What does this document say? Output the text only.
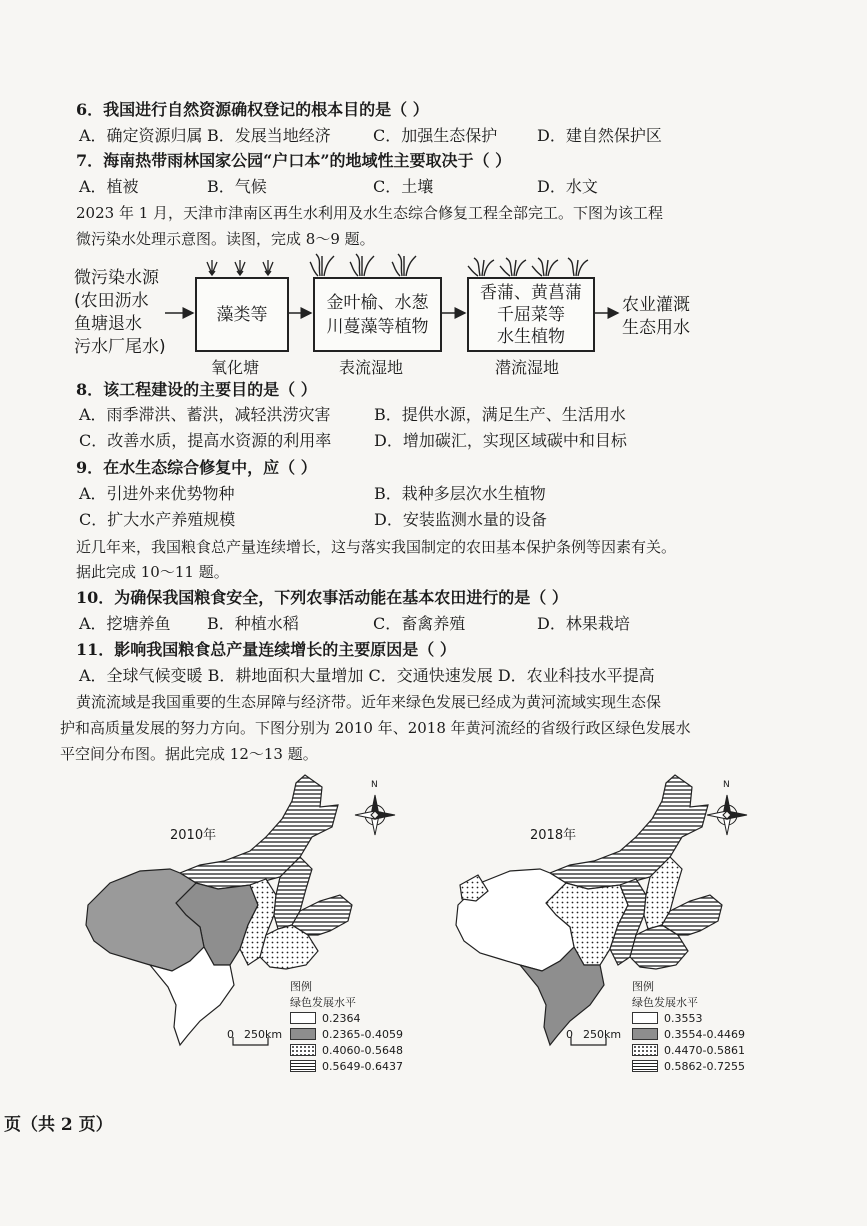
6．我国进行自然资源确权登记的根本目的是（ ）
A．确定资源归属 B．发展当地经济	C．加强生态保护 D．建自然保护区
7．海南热带雨林国家公园“户口本”的地域性主要取决于（ ）
A．植被	B．气候	C．土壤	D．水文
2023 年 1 月，天津市津南区再生水利用及水生态综合修复工程全部完工。下图为该工程
微污染水处理示意图。读图，完成 8～9 题。
微污染水源
(农田沥水
鱼塘退水
污水厂尾水)
藻类等
金叶榆、水葱
川蔓藻等植物
香蒲、黄菖蒲
千屈菜等
水生植物
氧化塘	表流湿地	潜流湿地
农业灌溉
生态用水
8．该工程建设的主要目的是（ ）
A．雨季滞洪、蓄洪，减轻洪涝灾害	B．提供水源，满足生产、生活用水
C．改善水质，提高水资源的利用率	D．增加碳汇，实现区域碳中和目标
9．在水生态综合修复中，应（ ）
A．引进外来优势物种	B．栽种多层次水生植物
C．扩大水产养殖规模	D．安装监测水量的设备
近几年来，我国粮食总产量连续增长，这与落实我国制定的农田基本保护条例等因素有关。
据此完成 10～11 题。
10．为确保我国粮食安全，下列农事活动能在基本农田进行的是（ ）
A．挖塘养鱼 B．种植水稻	C．畜禽养殖	D．林果栽培
11．影响我国粮食总产量连续增长的主要原因是（ ）
A．全球气候变暖 B．耕地面积大量增加 C．交通快速发展 D．农业科技水平提高
黄流流域是我国重要的生态屏障与经济带。近年来绿色发展已经成为黄河流域实现生态保
护和高质量发展的努力方向。下图分别为 2010 年、2018 年黄河流经的省级行政区绿色发展水
平空间分布图。据此完成 12～13 题。
2010年	2018年
N	N
0 250km	0 250km
图例
绿色发展水平
0.2364
0.2365-0.4059
0.4060-0.5648
0.5649-0.6437
图例
绿色发展水平
0.3553
0.3554-0.4469
0.4470-0.5861
0.5862-0.7255
页（共 2 页）
